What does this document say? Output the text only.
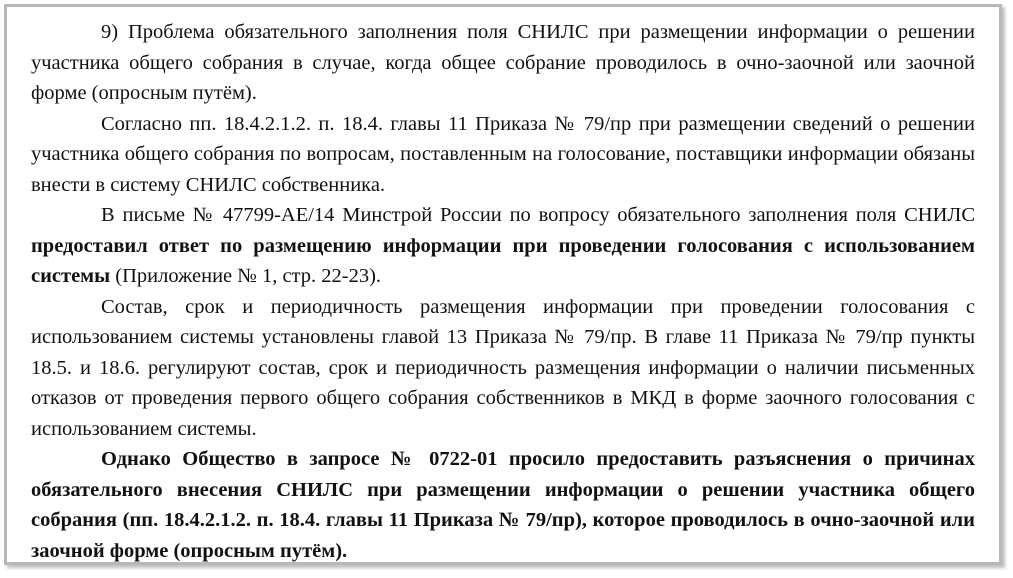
9) Проблема обязательного заполнения поля СНИЛС при размещении информации о решении участника общего собрания в случае, когда общее собрание проводилось в очно-заочной или заочной форме (опросным путём).

Согласно пп. 18.4.2.1.2. п. 18.4. главы 11 Приказа № 79/пр при размещении сведений о решении участника общего собрания по вопросам, поставленным на голосование, поставщики информации обязаны внести в систему СНИЛС собственника.

В письме № 47799-АЕ/14 Минстрой России по вопросу обязательного заполнения поля СНИЛС предоставил ответ по размещению информации при проведении голосования с использованием системы (Приложение № 1, стр. 22-23).

Состав, срок и периодичность размещения информации при проведении голосования с использованием системы установлены главой 13 Приказа № 79/пр. В главе 11 Приказа № 79/пр пункты 18.5. и 18.6. регулируют состав, срок и периодичность размещения информации о наличии письменных отказов от проведения первого общего собрания собственников в МКД в форме заочного голосования с использованием системы.

Однако Общество в запросе № 0722-01 просило предоставить разъяснения о причинах обязательного внесения СНИЛС при размещении информации о решении участника общего собрания (пп. 18.4.2.1.2. п. 18.4. главы 11 Приказа № 79/пр), которое проводилось в очно-заочной или заочной форме (опросным путём).
